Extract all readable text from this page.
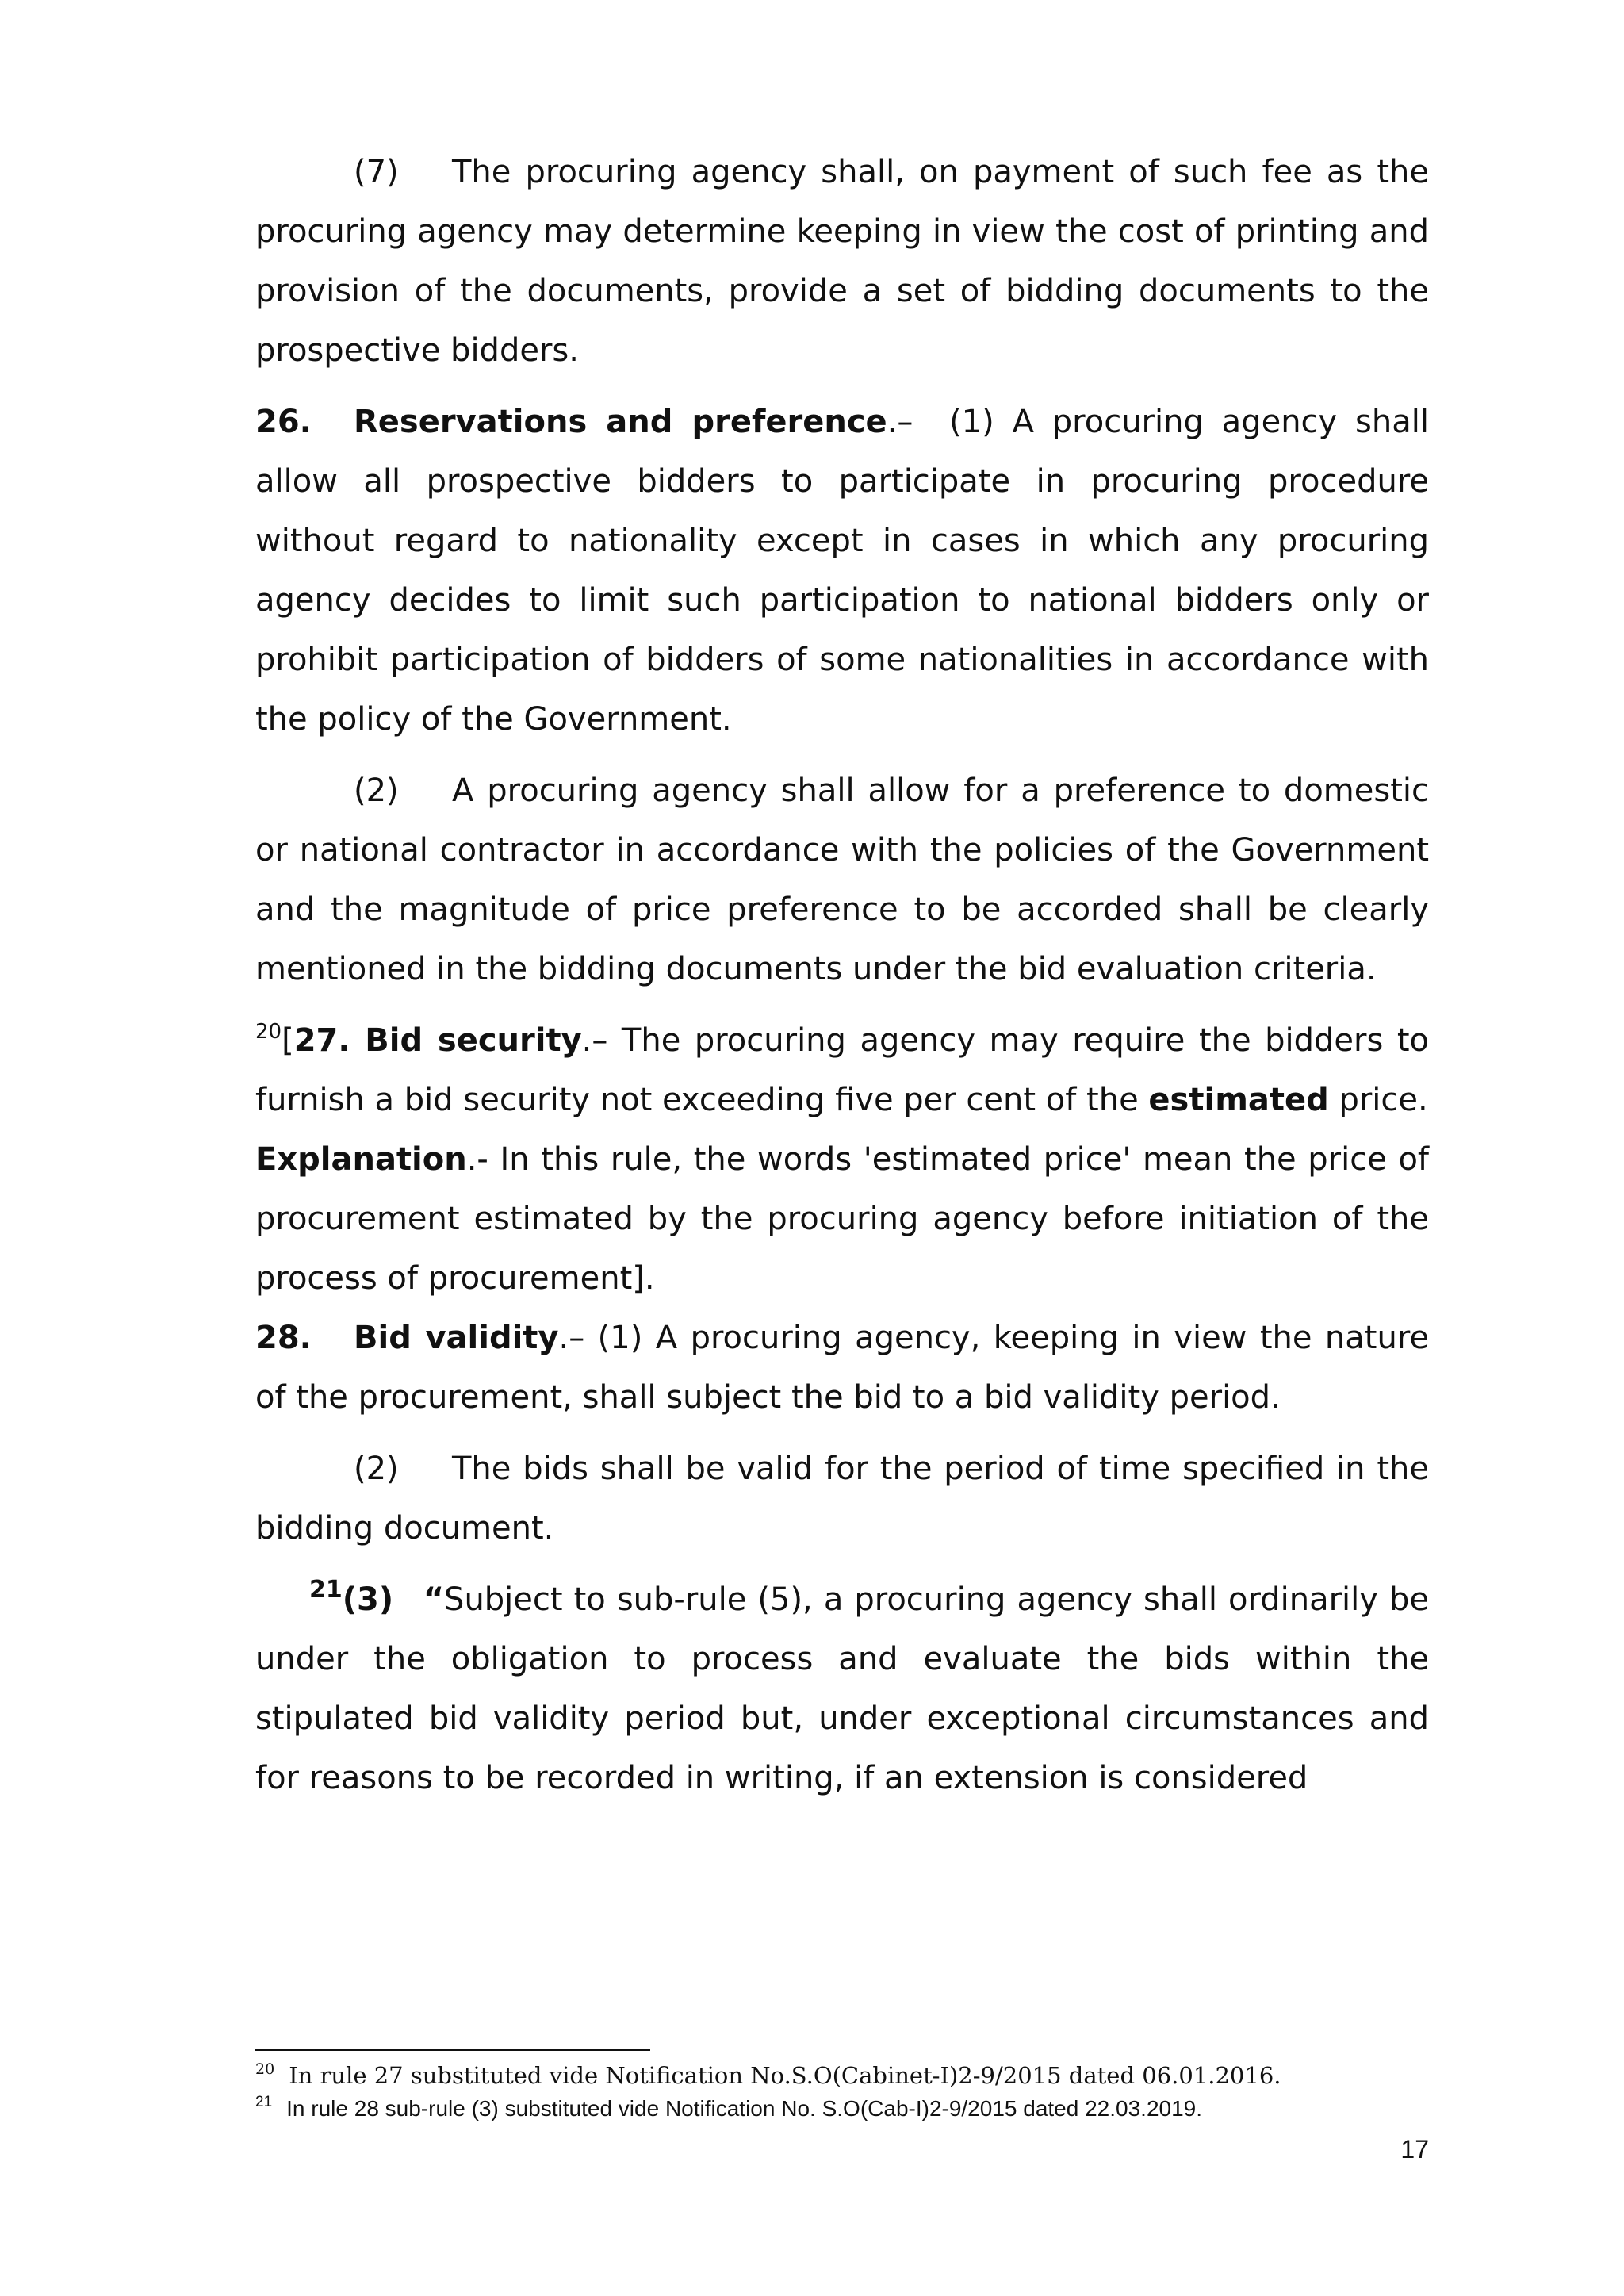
(7) The procuring agency shall, on payment of such fee as the procuring agency may determine keeping in view the cost of printing and provision of the documents, provide a set of bidding documents to the prospective bidders.

26. Reservations and preference.– (1) A procuring agency shall allow all prospective bidders to participate in procuring procedure without regard to nationality except in cases in which any procuring agency decides to limit such participation to national bidders only or prohibit participation of bidders of some nationalities in accordance with the policy of the Government.

(2) A procuring agency shall allow for a preference to domestic or national contractor in accordance with the policies of the Government and the magnitude of price preference to be accorded shall be clearly mentioned in the bidding documents under the bid evaluation criteria.

$^{20}$[27. Bid security.– The procuring agency may require the bidders to furnish a bid security not exceeding five per cent of the estimated price.

Explanation.- In this rule, the words 'estimated price' mean the price of procurement estimated by the procuring agency before initiation of the process of procurement].

28. Bid validity.– (1) A procuring agency, keeping in view the nature of the procurement, shall subject the bid to a bid validity period.

(2) The bids shall be valid for the period of time specified in the bidding document.

$^{21}$(3) “Subject to sub-rule (5), a procuring agency shall ordinarily be under the obligation to process and evaluate the bids within the stipulated bid validity period but, under exceptional circumstances and for reasons to be recorded in writing, if an extension is considered

$^{20}$ In rule 27 substituted vide Notification No.S.O(Cabinet-I)2-9/2015 dated 06.01.2016.
$^{21}$ In rule 28 sub-rule (3) substituted vide Notification No. S.O(Cab-I)2-9/2015 dated 22.03.2019.
17
